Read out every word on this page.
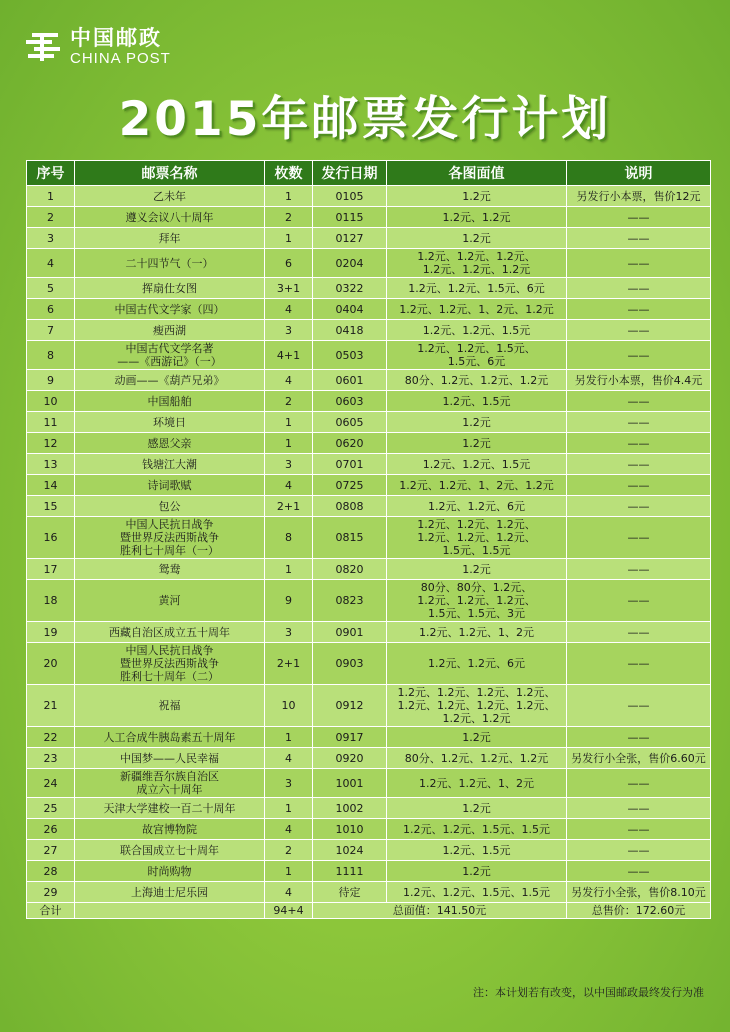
中国邮政
CHINA POST
2015年邮票发行计划
序号	邮票名称	枚数	发行日期	各图面值	说明
1	乙未年	1	0105	1.2元	另发行小本票，售价12元
2	遵义会议八十周年	2	0115	1.2元、1.2元	——
3	拜年	1	0127	1.2元	——
4	二十四节气（一）	6	0204	1.2元、1.2元、1.2元、
1.2元、1.2元、1.2元	——
5	挥扇仕女图	3+1	0322	1.2元、1.2元、1.5元、6元	——
6	中国古代文学家（四）	4	0404	1.2元、1.2元、1、2元、1.2元	——
7	瘦西湖	3	0418	1.2元、1.2元、1.5元	——
8	中国古代文学名著
——《西游记》（一）	4+1	0503	1.2元、1.2元、1.5元、
1.5元、6元	——
9	动画——《葫芦兄弟》	4	0601	80分、1.2元、1.2元、1.2元	另发行小本票，售价4.4元
10	中国船舶	2	0603	1.2元、1.5元	——
11	环境日	1	0605	1.2元	——
12	感恩父亲	1	0620	1.2元	——
13	钱塘江大潮	3	0701	1.2元、1.2元、1.5元	——
14	诗词歌赋	4	0725	1.2元、1.2元、1、2元、1.2元	——
15	包公	2+1	0808	1.2元、1.2元、6元	——
16	中国人民抗日战争
暨世界反法西斯战争
胜利七十周年（一）	8	0815	1.2元、1.2元、1.2元、
1.2元、1.2元、1.2元、
1.5元、1.5元	——
17	鸳鸯	1	0820	1.2元	——
18	黄河	9	0823	80分、80分、1.2元、
1.2元、1.2元、1.2元、
1.5元、1.5元、3元	——
19	西藏自治区成立五十周年	3	0901	1.2元、1.2元、1、2元	——
20	中国人民抗日战争
暨世界反法西斯战争
胜利七十周年（二）	2+1	0903	1.2元、1.2元、6元	——
21	祝福	10	0912	1.2元、1.2元、1.2元、1.2元、
1.2元、1.2元、1.2元、1.2元、
1.2元、1.2元	——
22	人工合成牛胰岛素五十周年	1	0917	1.2元	——
23	中国梦——人民幸福	4	0920	80分、1.2元、1.2元、1.2元	另发行小全张，售价6.60元
24	新疆维吾尔族自治区
成立六十周年	3	1001	1.2元、1.2元、1、2元	——
25	天津大学建校一百二十周年	1	1002	1.2元	——
26	故宫博物院	4	1010	1.2元、1.2元、1.5元、1.5元	——
27	联合国成立七十周年	2	1024	1.2元、1.5元	——
28	时尚购物	1	1111	1.2元	——
29	上海迪士尼乐园	4	待定	1.2元、1.2元、1.5元、1.5元	另发行小全张，售价8.10元
合计		94+4	总面值：141.50元		总售价：172.60元
注：本计划若有改变，以中国邮政最终发行为准
